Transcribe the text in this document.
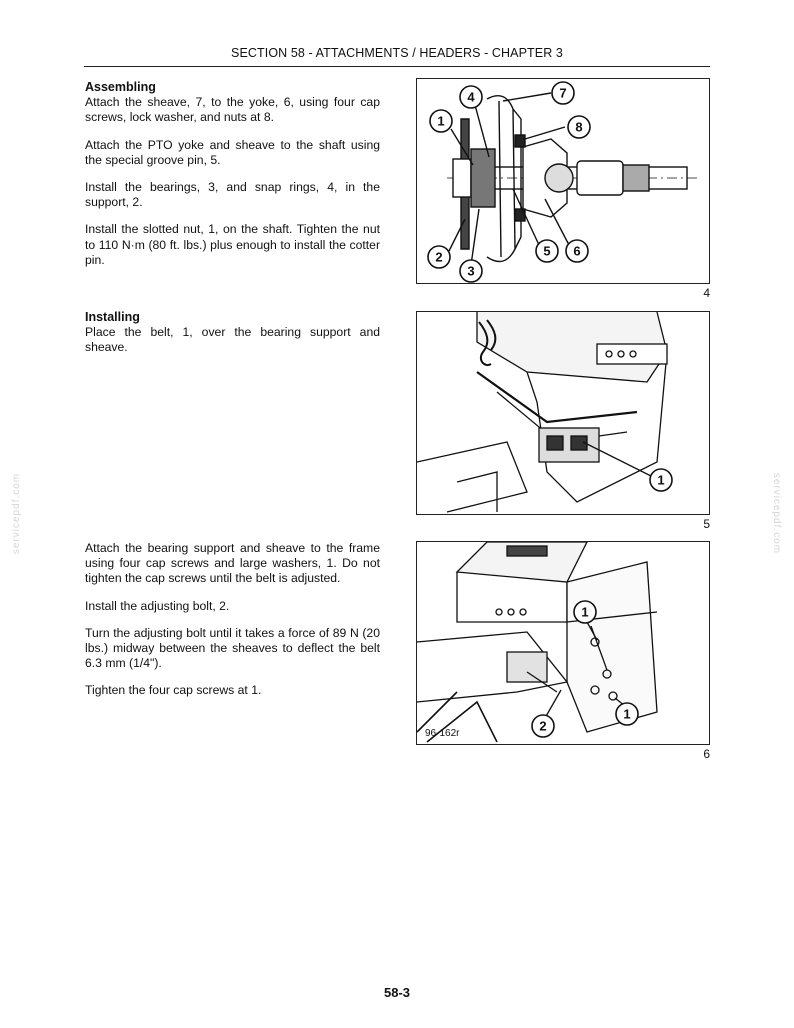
SECTION 58 - ATTACHMENTS / HEADERS - CHAPTER 3
servicepdf.com	servicepdf.com
Assembling

Attach the sheave, 7, to the yoke, 6, using four cap screws, lock washer, and nuts at 8.

Attach the PTO yoke and sheave to the shaft using the special groove pin, 5.

Install the bearings, 3, and snap rings, 4, in the support, 2.

Install the slotted nut, 1, on the shaft. Tighten the nut to 110 N·m (80 ft. lbs.) plus enough to install the cotter pin.

1
2
3
4
5 6
7
8
4
Installing

Place the belt, 1, over the bearing support and sheave.

1
5

Attach the bearing support and sheave to the frame using four cap screws and large washers, 1. Do not tighten the cap screws until the belt is adjusted.

Install the adjusting bolt, 2.

Turn the adjusting bolt until it takes a force of 89 N (20 lbs.) midway between the sheaves to deflect the belt 6.3 mm (1/4").

Tighten the four cap screws at 1.

1
1
2
96-162r
6
58-3
